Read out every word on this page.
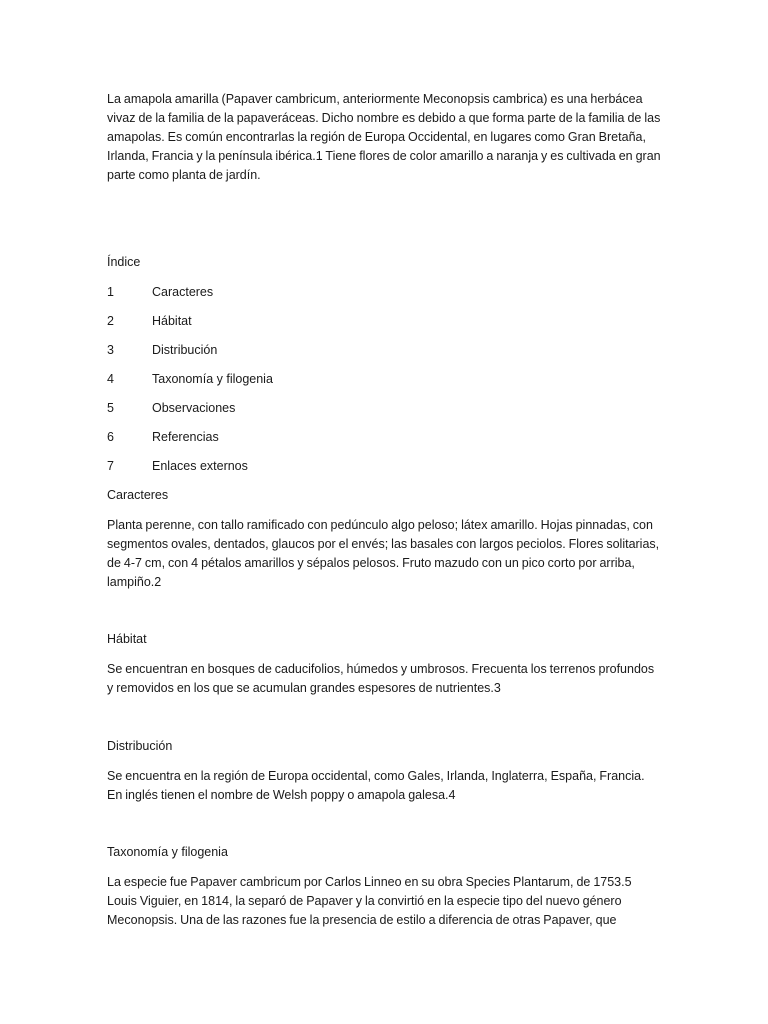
La amapola amarilla (Papaver cambricum, anteriormente Meconopsis cambrica) es una herbácea vivaz de la familia de la papaveráceas. Dicho nombre es debido a que forma parte de la familia de las amapolas. Es común encontrarlas la región de Europa Occidental, en lugares como Gran Bretaña, Irlanda, Francia y la península ibérica.1 Tiene flores de color amarillo a naranja y es cultivada en gran parte como planta de jardín.

Índice
1	Caracteres
2	Hábitat
3	Distribución
4	Taxonomía y filogenia
5	Observaciones
6	Referencias
7	Enlaces externos
Caracteres

Planta perenne, con tallo ramificado con pedúnculo algo peloso; látex amarillo. Hojas pinnadas, con segmentos ovales, dentados, glaucos por el envés; las basales con largos peciolos. Flores solitarias, de 4-7 cm, con 4 pétalos amarillos y sépalos pelosos. Fruto mazudo con un pico corto por arriba, lampiño.2

Hábitat

Se encuentran en bosques de caducifolios, húmedos y umbrosos. Frecuenta los terrenos profundos y removidos en los que se acumulan grandes espesores de nutrientes.3

Distribución

Se encuentra en la región de Europa occidental, como Gales, Irlanda, Inglaterra, España, Francia. En inglés tienen el nombre de Welsh poppy o amapola galesa.4

Taxonomía y filogenia

La especie fue Papaver cambricum por Carlos Linneo en su obra Species Plantarum, de 1753.5 Louis Viguier, en 1814, la separó de Papaver y la convirtió en la especie tipo del nuevo género Meconopsis. Una de las razones fue la presencia de estilo a diferencia de otras Papaver, que
